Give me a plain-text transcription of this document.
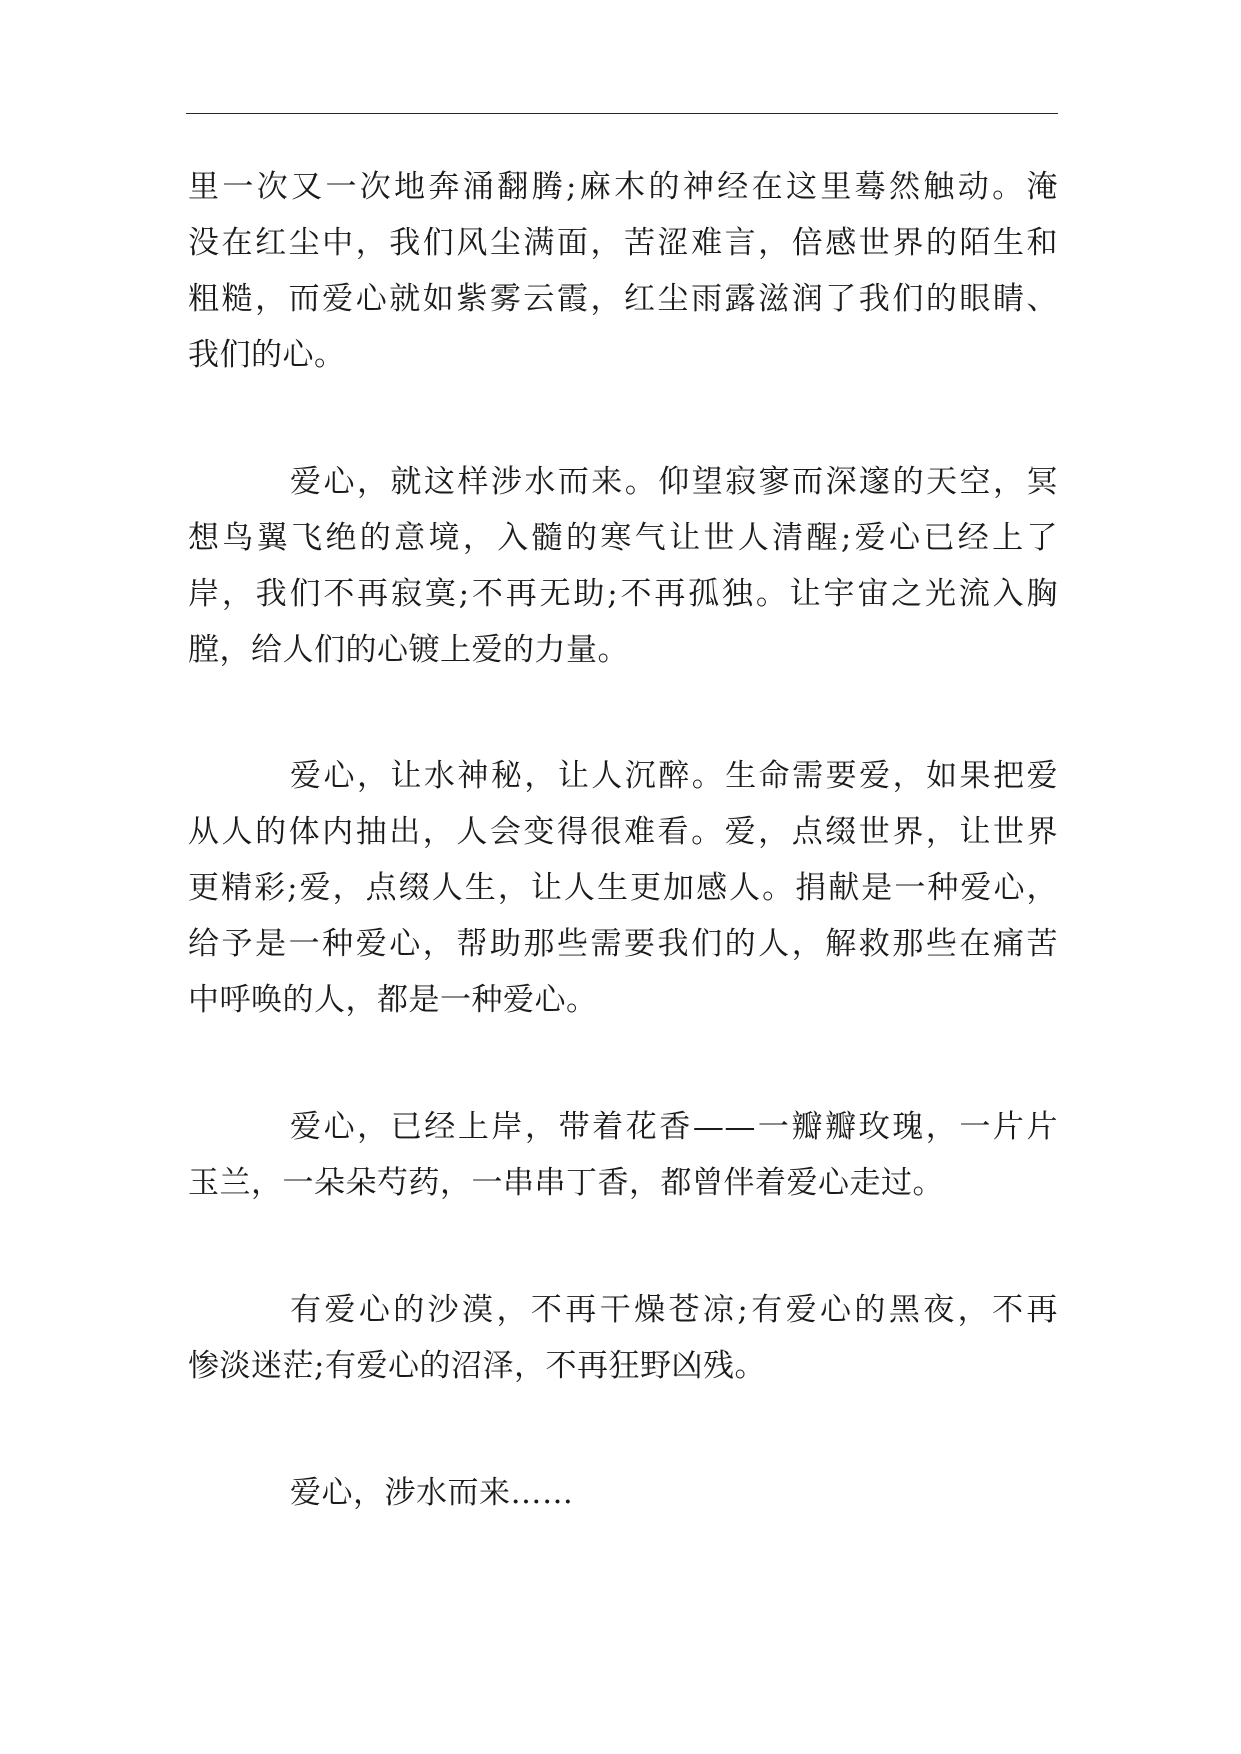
里一次又一次地奔涌翻腾;麻木的神经在这里蓦然触动。淹
没在红尘中，我们风尘满面，苦涩难言，倍感世界的陌生和
粗糙，而爱心就如紫雾云霞，红尘雨露滋润了我们的眼睛、
我们的心。
爱心，就这样涉水而来。仰望寂寥而深邃的天空，冥
想鸟翼飞绝的意境，入髓的寒气让世人清醒;爱心已经上了
岸，我们不再寂寞;不再无助;不再孤独。让宇宙之光流入胸
膛，给人们的心镀上爱的力量。
爱心，让水神秘，让人沉醉。生命需要爱，如果把爱
从人的体内抽出，人会变得很难看。爱，点缀世界，让世界
更精彩;爱，点缀人生，让人生更加感人。捐献是一种爱心，
给予是一种爱心，帮助那些需要我们的人，解救那些在痛苦
中呼唤的人，都是一种爱心。
爱心，已经上岸，带着花香——一瓣瓣玫瑰，一片片
玉兰，一朵朵芍药，一串串丁香，都曾伴着爱心走过。
有爱心的沙漠，不再干燥苍凉;有爱心的黑夜，不再
惨淡迷茫;有爱心的沼泽，不再狂野凶残。
爱心，涉水而来……
